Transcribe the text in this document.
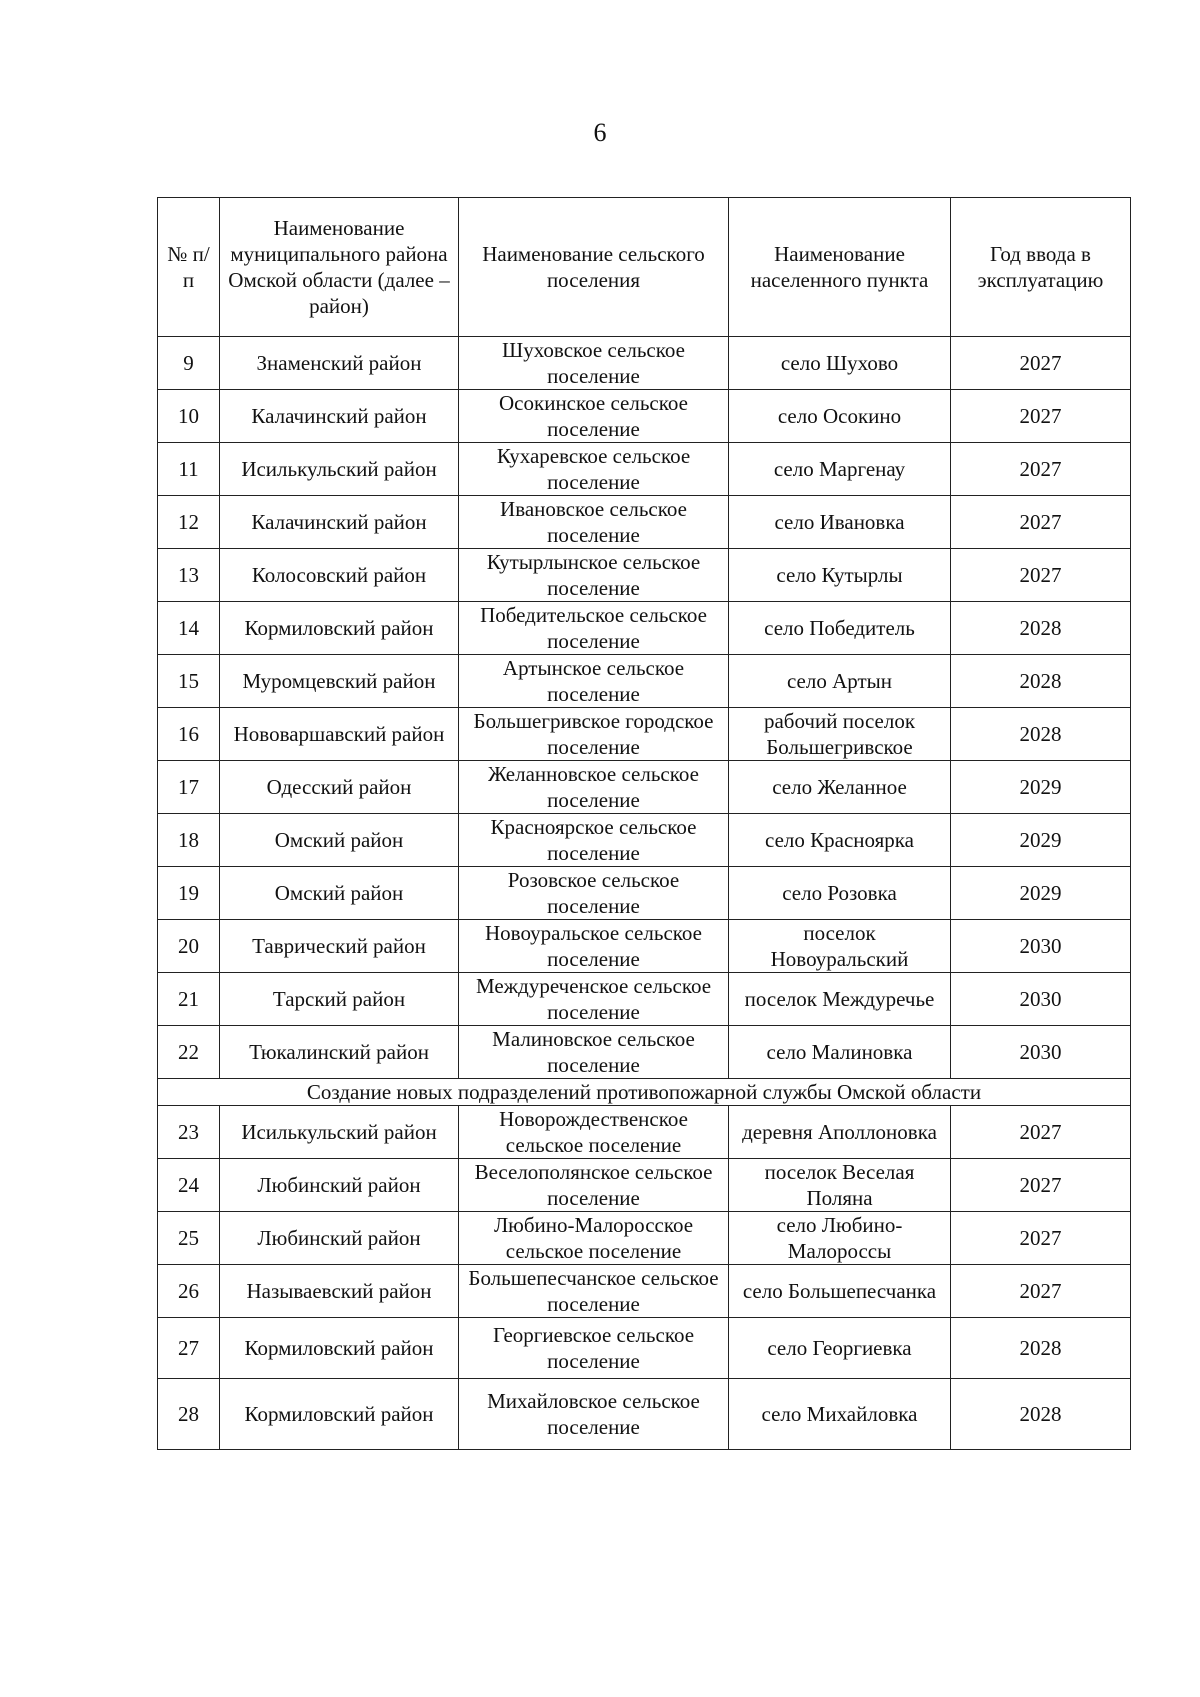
6
№ п/п	Наименование муниципального района Омской области (далее – район)	Наименование сельского поселения	Наименование населенного пункта	Год ввода в эксплуатацию
9	Знаменский район	Шуховское сельское поселение	село Шухово	2027
10	Калачинский район	Осокинское сельское поселение	село Осокино	2027
11	Исилькульский район	Кухаревское сельское поселение	село Маргенау	2027
12	Калачинский район	Ивановское сельское поселение	село Ивановка	2027
13	Колосовский район	Кутырлынское сельское поселение	село Кутырлы	2027
14	Кормиловский район	Победительское сельское поселение	село Победитель	2028
15	Муромцевский район	Артынское сельское поселение	село Артын	2028
16	Нововаршавский район	Большегривское городское поселение	рабочий поселок Большегривское	2028
17	Одесский район	Желанновское сельское поселение	село Желанное	2029
18	Омский район	Красноярское сельское поселение	село Красноярка	2029
19	Омский район	Розовское сельское поселение	село Розовка	2029
20	Таврический район	Новоуральское сельское поселение	поселок Новоуральский	2030
21	Тарский район	Междуреченское сельское поселение	поселок Междуречье	2030
22	Тюкалинский район	Малиновское сельское поселение	село Малиновка	2030
Создание новых подразделений противопожарной службы Омской области				
23	Исилькульский район	Новорождественское сельское поселение	деревня Аполлоновка	2027
24	Любинский район	Веселополянское сельское поселение	поселок Веселая Поляна	2027
25	Любинский район	Любино-Малоросское сельское поселение	село Любино-Малороссы	2027
26	Называевский район	Большепесчанское сельское поселение	село Большепесчанка	2027
27	Кормиловский район	Георгиевское сельское поселение	село Георгиевка	2028
28	Кормиловский район	Михайловское сельское поселение	село Михайловка	2028
